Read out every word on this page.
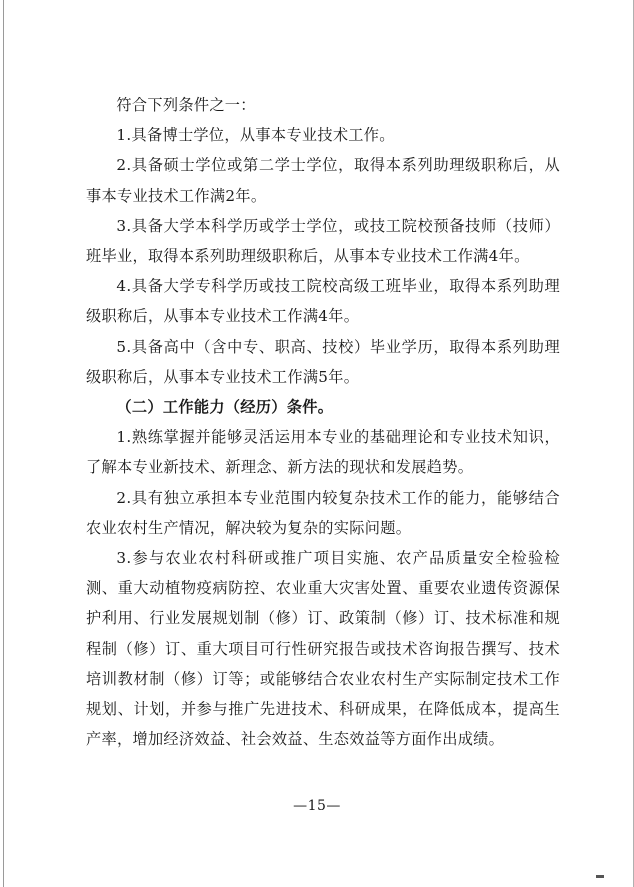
符合下列条件之一：

1.具备博士学位，从事本专业技术工作。

2.具备硕士学位或第二学士学位，取得本系列助理级职称后，从事本专业技术工作满2年。

3.具备大学本科学历或学士学位，或技工院校预备技师（技师）班毕业，取得本系列助理级职称后，从事本专业技术工作满4年。

4.具备大学专科学历或技工院校高级工班毕业，取得本系列助理级职称后，从事本专业技术工作满4年。

5.具备高中（含中专、职高、技校）毕业学历，取得本系列助理级职称后，从事本专业技术工作满5年。

（二）工作能力（经历）条件。

1.熟练掌握并能够灵活运用本专业的基础理论和专业技术知识，了解本专业新技术、新理念、新方法的现状和发展趋势。

2.具有独立承担本专业范围内较复杂技术工作的能力，能够结合农业农村生产情况，解决较为复杂的实际问题。

3.参与农业农村科研或推广项目实施、农产品质量安全检验检测、重大动植物疫病防控、农业重大灾害处置、重要农业遗传资源保护利用、行业发展规划制（修）订、政策制（修）订、技术标准和规程制（修）订、重大项目可行性研究报告或技术咨询报告撰写、技术培训教材制（修）订等；或能够结合农业农村生产实际制定技术工作规划、计划，并参与推广先进技术、科研成果，在降低成本，提高生产率，增加经济效益、社会效益、生态效益等方面作出成绩。

—15—
